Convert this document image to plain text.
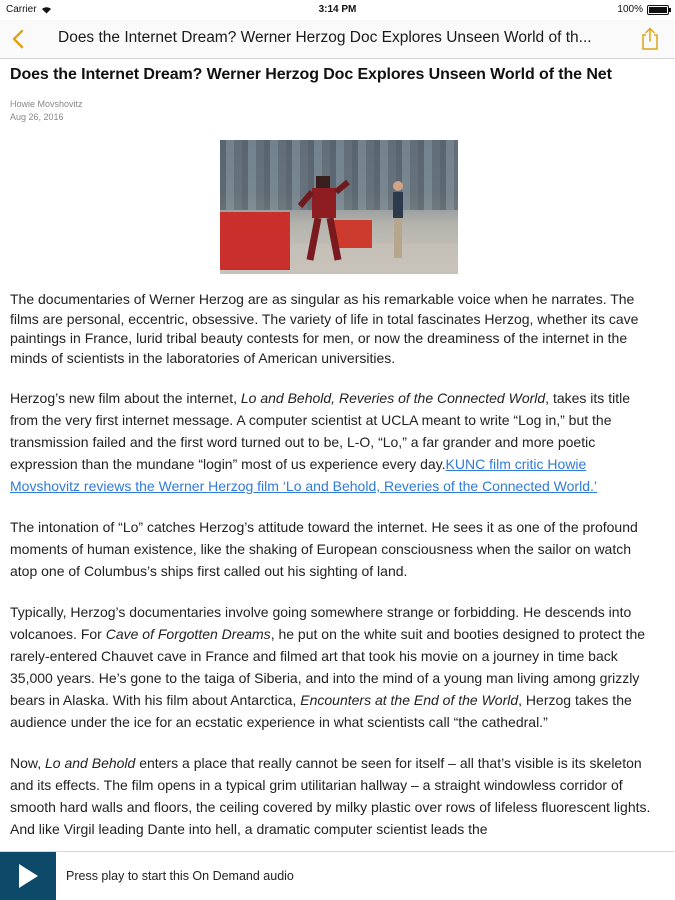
Carrier	3:14 PM	100%
Does the Internet Dream? Werner Herzog Doc Explores Unseen World of th...
Does the Internet Dream? Werner Herzog Doc Explores Unseen World of the Net
Howie Movshovitz
Aug 26, 2016

The documentaries of Werner Herzog are as singular as his remarkable voice when he narrates. The films are personal, eccentric, obsessive. The variety of life in total fascinates Herzog, whether its cave paintings in France, lurid tribal beauty contests for men, or now the dreaminess of the internet in the minds of scientists in the laboratories of American universities.

Herzog’s new film about the internet, Lo and Behold, Reveries of the Connected World, takes its title from the very first internet message. A computer scientist at UCLA meant to write “Log in,” but the transmission failed and the first word turned out to be, L-O, “Lo,” a far grander and more poetic expression than the mundane “login” most of us experience every day.KUNC film critic Howie Movshovitz reviews the Werner Herzog film ‘Lo and Behold, Reveries of the Connected World.’

The intonation of “Lo” catches Herzog’s attitude toward the internet. He sees it as one of the profound moments of human existence, like the shaking of European consciousness when the sailor on watch atop one of Columbus’s ships first called out his sighting of land.

Typically, Herzog’s documentaries involve going somewhere strange or forbidding. He descends into volcanoes. For Cave of Forgotten Dreams, he put on the white suit and booties designed to protect the rarely-entered Chauvet cave in France and filmed art that took his movie on a journey in time back 35,000 years. He’s gone to the taiga of Siberia, and into the mind of a young man living among grizzly bears in Alaska. With his film about Antarctica, Encounters at the End of the World, Herzog takes the audience under the ice for an ecstatic experience in what scientists call “the cathedral.”

Now, Lo and Behold enters a place that really cannot be seen for itself – all that’s visible is its skeleton and its effects. The film opens in a typical grim utilitarian hallway – a straight windowless corridor of smooth hard walls and floors, the ceiling covered by milky plastic over rows of lifeless fluorescent lights. And like Virgil leading Dante into hell, a dramatic computer scientist leads the

Press play to start this On Demand audio
